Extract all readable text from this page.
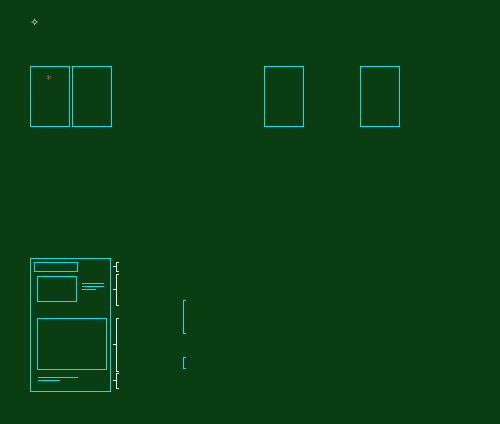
✧
*
